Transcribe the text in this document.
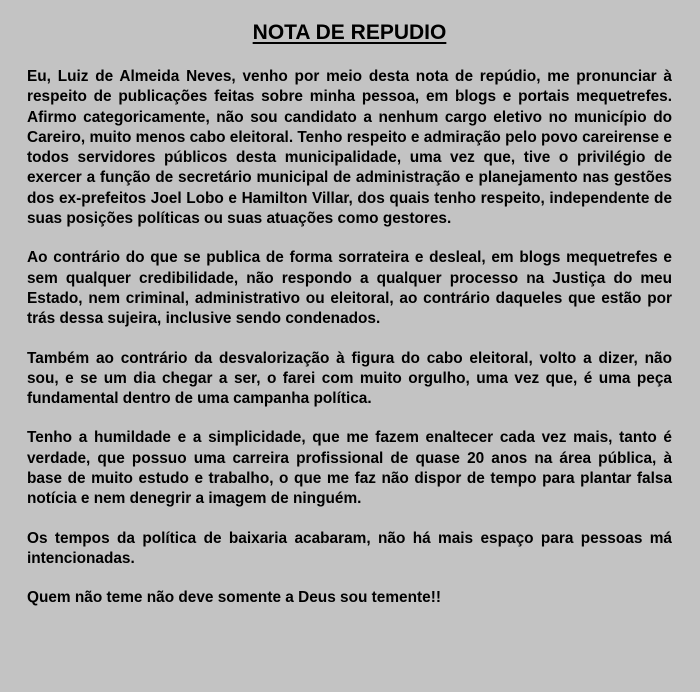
NOTA DE REPUDIO

Eu, Luiz de Almeida Neves, venho por meio desta nota de repúdio, me pronunciar à respeito de publicações feitas sobre minha pessoa, em blogs e portais mequetrefes. Afirmo categoricamente, não sou candidato a nenhum cargo eletivo no município do Careiro, muito menos cabo eleitoral. Tenho respeito e admiração pelo povo careirense e todos servidores públicos desta municipalidade, uma vez que, tive o privilégio de exercer a função de secretário municipal de administração e planejamento nas gestões dos ex-prefeitos Joel Lobo e Hamilton Villar, dos quais tenho respeito, independente de suas posições políticas ou suas atuações como gestores.

Ao contrário do que se publica de forma sorrateira e desleal, em blogs mequetrefes e sem qualquer credibilidade, não respondo a qualquer processo na Justiça do meu Estado, nem criminal, administrativo ou eleitoral, ao contrário daqueles que estão por trás dessa sujeira, inclusive sendo condenados.

Também ao contrário da desvalorização à figura do cabo eleitoral, volto a dizer, não sou, e se um dia chegar a ser, o farei com muito orgulho, uma vez que, é uma peça fundamental dentro de uma campanha política.

Tenho a humildade e a simplicidade, que me fazem enaltecer cada vez mais, tanto é verdade, que possuo uma carreira profissional de quase 20 anos na área pública, à base de muito estudo e trabalho, o que me faz não dispor de tempo para plantar falsa notícia e nem denegrir a imagem de ninguém.

Os tempos da política de baixaria acabaram, não há mais espaço para pessoas má intencionadas.

Quem não teme não deve somente a Deus sou temente!!
